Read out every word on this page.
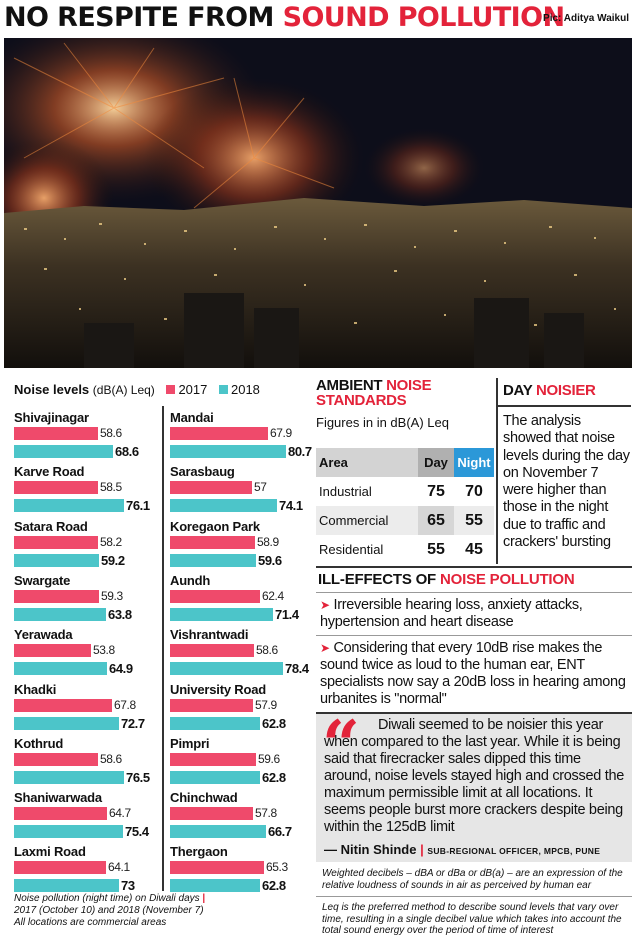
NO RESPITE FROM SOUND POLLUTION
Pic: Aditya Waikul
Noise levels (dB(A) Leq) 2017 2018
Shivajinagar
58.6
68.6
Karve Road
58.5
76.1
Satara Road
58.2
59.2
Swargate
59.3
63.8
Yerawada
53.8
64.9
Khadki
67.8
72.7
Kothrud
58.6
76.5
Shaniwarwada
64.7
75.4
Laxmi Road
64.1
73
Mandai
67.9
80.7
Sarasbaug
57
74.1
Koregaon Park
58.9
59.6
Aundh
62.4
71.4
Vishrantwadi
58.6
78.4
University Road
57.9
62.8
Pimpri
59.6
62.8
Chinchwad
57.8
66.7
Thergaon
65.3
62.8
Noise pollution (night time) on Diwali days |
2017 (October 10) and 2018 (November 7)
All locations are commercial areas
AMBIENT NOISE
STANDARDS
Figures in in dB(A) Leq
Area	Day	Night
Industrial	75	70
Commercial	65	55
Residential	55	45
DAY NOISIER
The analysis showed that noise levels during the day on November 7 were higher than those in the night due to traffic and crackers' bursting
ILL-EFFECTS OF NOISE POLLUTION
➤ Irreversible hearing loss, anxiety attacks, hypertension and heart disease
➤ Considering that every 10dB rise makes the sound twice as loud to the human ear, ENT specialists now say a 20dB loss in hearing among urbanites is "normal"
“	Diwali seemed to be noisier this year when compared to the last year. While it is being said that firecracker sales dipped this time around, noise levels stayed high and crossed the maximum permissible limit at all locations. It seems people burst more crackers despite being within the 125dB limit
— Nitin Shinde | SUB-REGIONAL OFFICER, MPCB, PUNE
Weighted decibels – dBA or dBa or dB(a) – are an expression of the relative loudness of sounds in air as perceived by human ear
Leq is the preferred method to describe sound levels that vary over time, resulting in a single decibel value which takes into account the total sound energy over the period of time of interest
